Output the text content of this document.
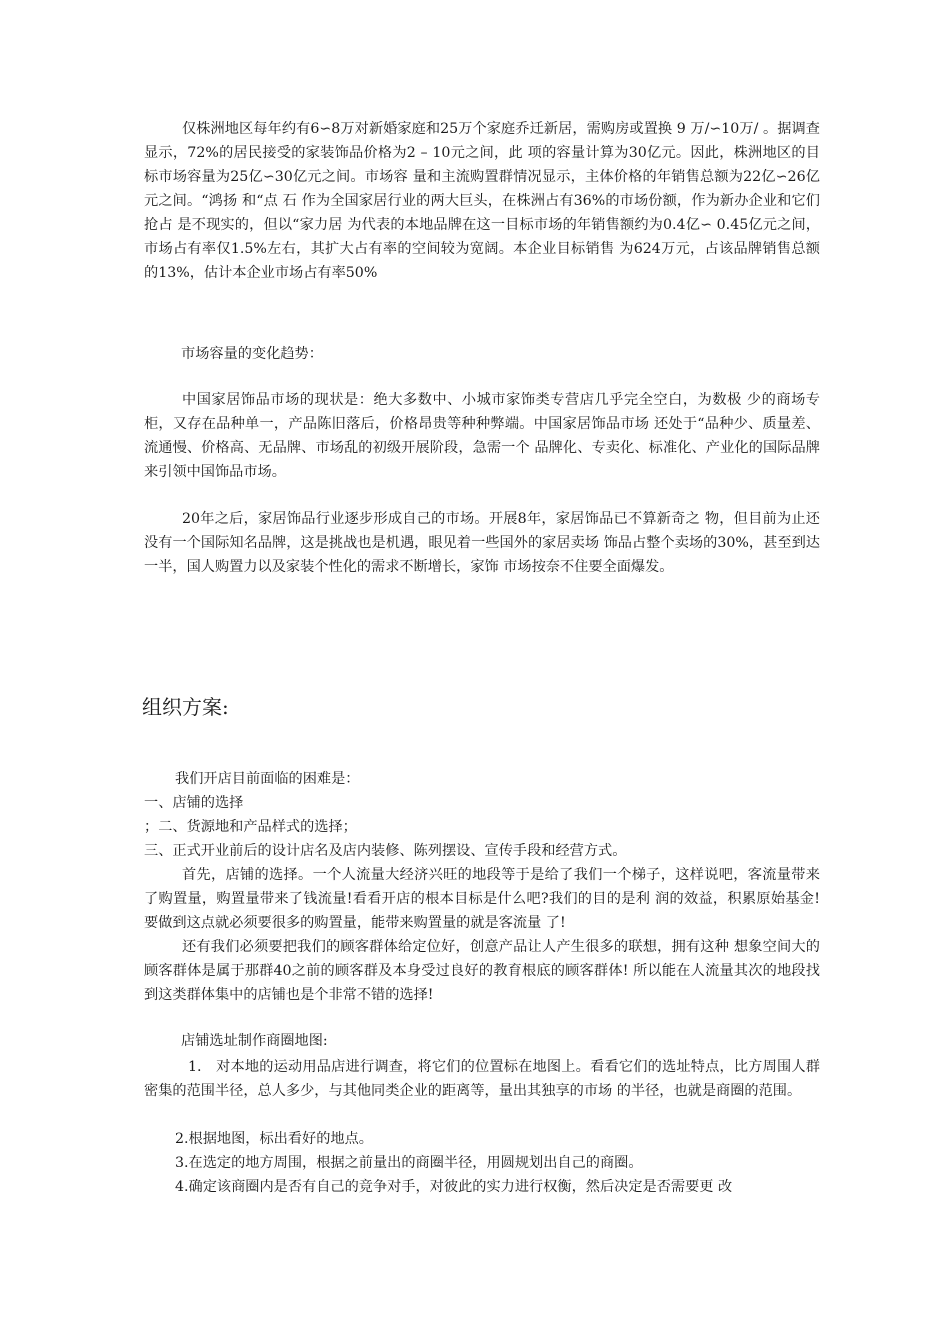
仅株洲地区每年约有6∽8万对新婚家庭和25万个家庭乔迁新居，需购房或置换 9 万/∽10万/ 。据调查显示，72%的居民接受的家装饰品价格为2 – 10元之间，此 项的容量计算为30亿元。因此，株洲地区的目标市场容量为25亿∽30亿元之间。市场容 量和主流购置群情况显示，主体价格的年销售总额为22亿∽26亿元之间。“鸿扬 和“点 石 作为全国家居行业的两大巨头，在株洲占有36%的市场份额，作为新办企业和它们抢占 是不现实的，但以“家力居 为代表的本地品牌在这一目标市场的年销售额约为0.4亿∽ 0.45亿元之间，市场占有率仅1.5%左右，其扩大占有率的空间较为宽阔。本企业目标销售 为624万元，占该品牌销售总额的13%，估计本企业市场占有率50%

市场容量的变化趋势：

中国家居饰品市场的现状是：绝大多数中、小城市家饰类专营店几乎完全空白，为数极 少的商场专柜，又存在品种单一，产品陈旧落后，价格昂贵等种种弊端。中国家居饰品市场 还处于“品种少、质量差、流通慢、价格高、无品牌、市场乱的初级开展阶段，急需一个 品牌化、专卖化、标准化、产业化的国际品牌来引领中国饰品市场。

20年之后，家居饰品行业逐步形成自己的市场。开展8年，家居饰品已不算新奇之 物，但目前为止还没有一个国际知名品牌，这是挑战也是机遇，眼见着一些国外的家居卖场 饰品占整个卖场的30%，甚至到达一半，国人购置力以及家装个性化的需求不断增长，家饰 市场按奈不住要全面爆发。

组织方案:

我们开店目前面临的困难是：

一、店铺的选择

；二、货源地和产品样式的选择；

三、正式开业前后的设计店名及店内装修、陈列摆设、宣传手段和经营方式。

首先，店铺的选择。一个人流量大经济兴旺的地段等于是给了我们一个梯子，这样说吧，客流量带来了购置量，购置量带来了钱流量!看看开店的根本目标是什么吧?我们的目的是利 润的效益，积累原始基金!要做到这点就必须要很多的购置量，能带来购置量的就是客流量 了!

还有我们必须要把我们的顾客群体给定位好，创意产品让人产生很多的联想，拥有这种 想象空间大的顾客群体是属于那群40之前的顾客群及本身受过良好的教育根底的顾客群体! 所以能在人流量其次的地段找到这类群体集中的店铺也是个非常不错的选择!

店铺选址制作商圈地图:

1.　对本地的运动用品店进行调查，将它们的位置标在地图上。看看它们的选址特点，比方周围人群密集的范围半径，总人多少，与其他同类企业的距离等，量出其独享的市场 的半径，也就是商圈的范围。

2.根据地图，标出看好的地点。

3.在选定的地方周围，根据之前量出的商圈半径，用圆规划出自己的商圈。

4.确定该商圈内是否有自己的竞争对手，对彼此的实力进行权衡，然后决定是否需要更 改
